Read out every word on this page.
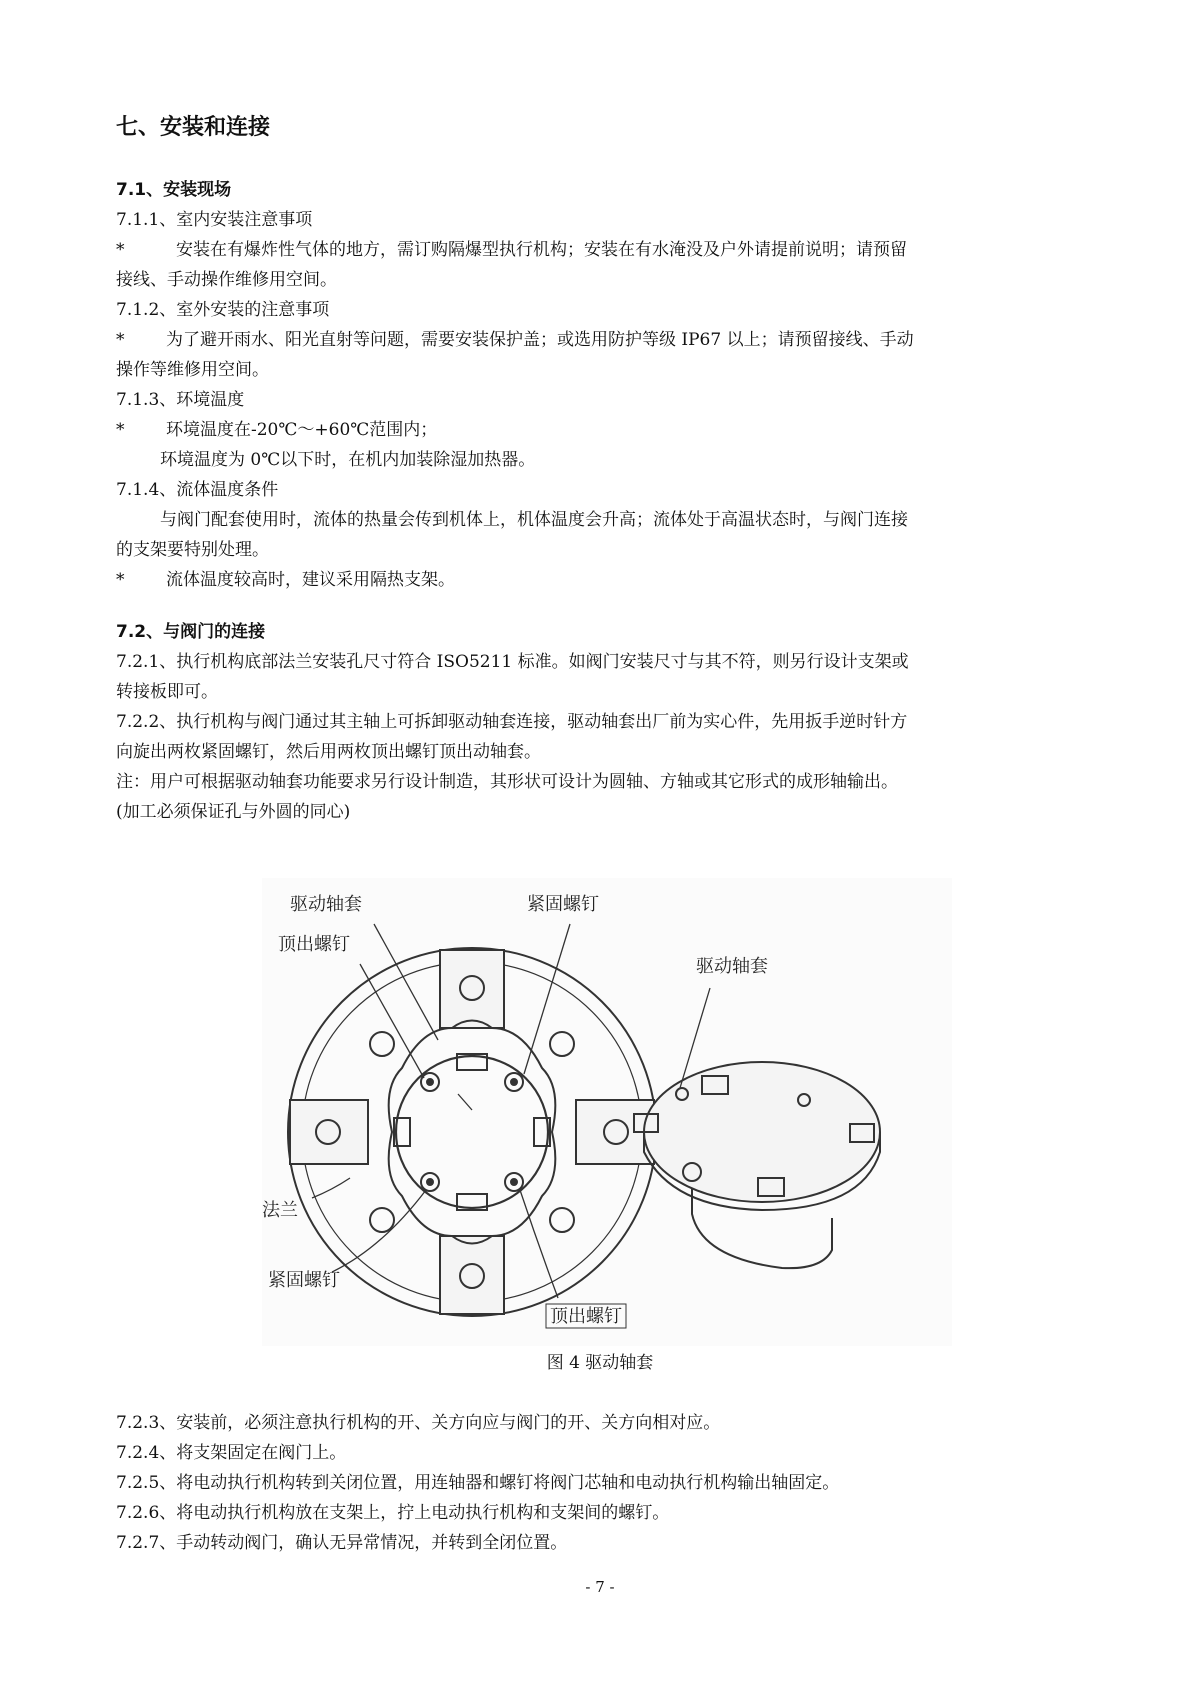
七、安装和连接
7.1、安装现场
7.1.1、室内安装注意事项
*	安装在有爆炸性气体的地方，需订购隔爆型执行机构；安装在有水淹没及户外请提前说明；请预留
接线、手动操作维修用空间。
7.1.2、室外安装的注意事项
*	为了避开雨水、阳光直射等问题，需要安装保护盖；或选用防护等级 IP67 以上；请预留接线、手动
操作等维修用空间。
7.1.3、环境温度
*	环境温度在-20℃～+60℃范围内；
环境温度为 0℃以下时，在机内加装除湿加热器。
7.1.4、流体温度条件
与阀门配套使用时，流体的热量会传到机体上，机体温度会升高；流体处于高温状态时，与阀门连接
的支架要特别处理。
*	流体温度较高时，建议采用隔热支架。
7.2、与阀门的连接
7.2.1、执行机构底部法兰安装孔尺寸符合 ISO5211 标准。如阀门安装尺寸与其不符，则另行设计支架或
转接板即可。
7.2.2、执行机构与阀门通过其主轴上可拆卸驱动轴套连接，驱动轴套出厂前为实心件，先用扳手逆时针方
向旋出两枚紧固螺钉，然后用两枚顶出螺钉顶出动轴套。
注：用户可根据驱动轴套功能要求另行设计制造，其形状可设计为圆轴、方轴或其它形式的成形轴输出。
(加工必须保证孔与外圆的同心)
驱动轴套	紧固螺钉
顶出螺钉
驱动轴套
法兰
紧固螺钉
顶出螺钉
图 4 驱动轴套
7.2.3、安装前，必须注意执行机构的开、关方向应与阀门的开、关方向相对应。
7.2.4、将支架固定在阀门上。
7.2.5、将电动执行机构转到关闭位置，用连轴器和螺钉将阀门芯轴和电动执行机构输出轴固定。
7.2.6、将电动执行机构放在支架上，拧上电动执行机构和支架间的螺钉。
7.2.7、手动转动阀门，确认无异常情况，并转到全闭位置。
- 7 -
